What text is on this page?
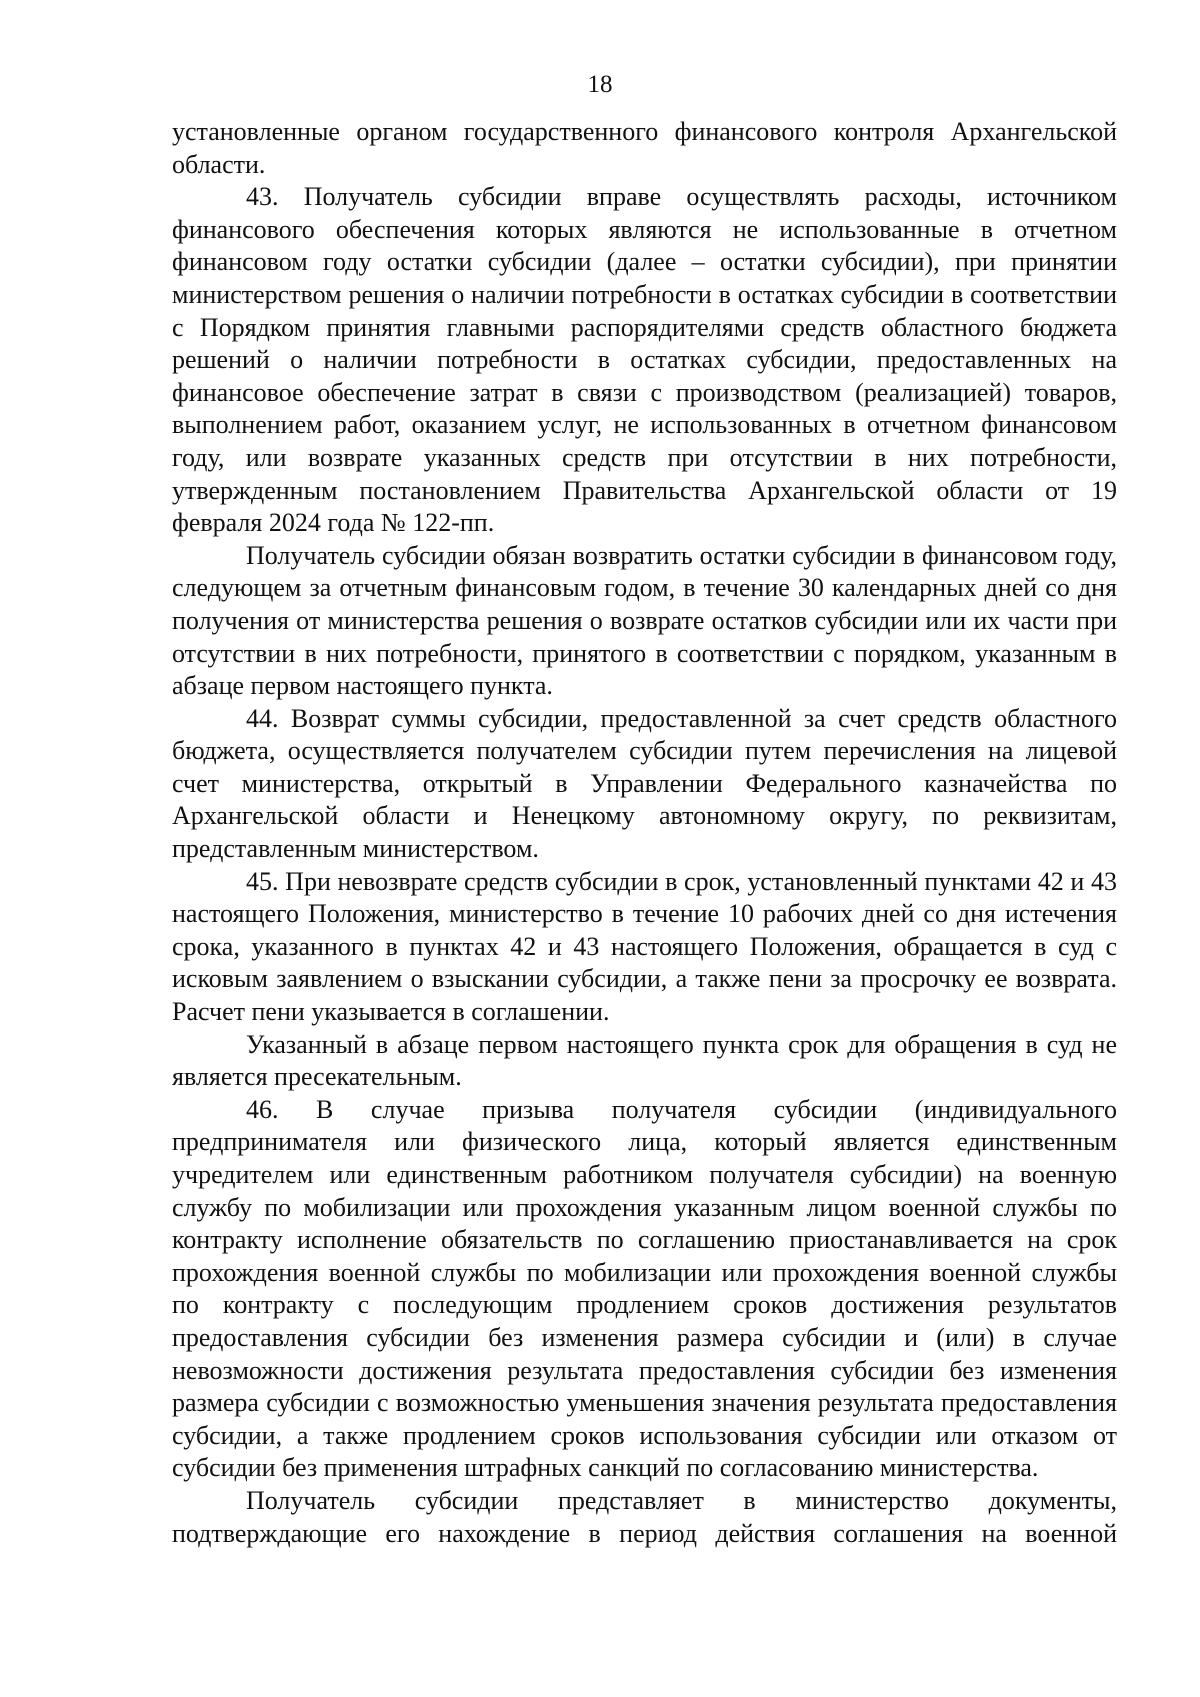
18

установленные органом государственного финансового контроля Архангельской области.

43. Получатель субсидии вправе осуществлять расходы, источником финансового обеспечения которых являются не использованные в отчетном финансовом году остатки субсидии (далее – остатки субсидии), при принятии министерством решения о наличии потребности в остатках субсидии в соответствии с Порядком принятия главными распорядителями средств областного бюджета решений о наличии потребности в остатках субсидии, предоставленных на финансовое обеспечение затрат в связи с производством (реализацией) товаров, выполнением работ, оказанием услуг, не использованных в отчетном финансовом году, или возврате указанных средств при отсутствии в них потребности, утвержденным постановлением Правительства Архангельской области от 19 февраля 2024 года № 122-пп.

Получатель субсидии обязан возвратить остатки субсидии в финансовом году, следующем за отчетным финансовым годом, в течение 30 календарных дней со дня получения от министерства решения о возврате остатков субсидии или их части при отсутствии в них потребности, принятого в соответствии с порядком, указанным в абзаце первом настоящего пункта.

44. Возврат суммы субсидии, предоставленной за счет средств областного бюджета, осуществляется получателем субсидии путем перечисления на лицевой счет министерства, открытый в Управлении Федерального казначейства по Архангельской области и Ненецкому автономному округу, по реквизитам, представленным министерством.

45. При невозврате средств субсидии в срок, установленный пунктами 42 и 43 настоящего Положения, министерство в течение 10 рабочих дней со дня истечения срока, указанного в пунктах 42 и 43 настоящего Положения, обращается в суд с исковым заявлением о взыскании субсидии, а также пени за просрочку ее возврата. Расчет пени указывается в соглашении.

Указанный в абзаце первом настоящего пункта срок для обращения в суд не является пресекательным.

46. В случае призыва получателя субсидии (индивидуального предпринимателя или физического лица, который является единственным учредителем или единственным работником получателя субсидии) на военную службу по мобилизации или прохождения указанным лицом военной службы по контракту исполнение обязательств по соглашению приостанавливается на срок прохождения военной службы по мобилизации или прохождения военной службы по контракту с последующим продлением сроков достижения результатов предоставления субсидии без изменения размера субсидии и (или) в случае невозможности достижения результата предоставления субсидии без изменения размера субсидии с возможностью уменьшения значения результата предоставления субсидии, а также продлением сроков использования субсидии или отказом от субсидии без применения штрафных санкций по согласованию министерства.

Получатель субсидии представляет в министерство документы, подтверждающие его нахождение в период действия соглашения на военной
